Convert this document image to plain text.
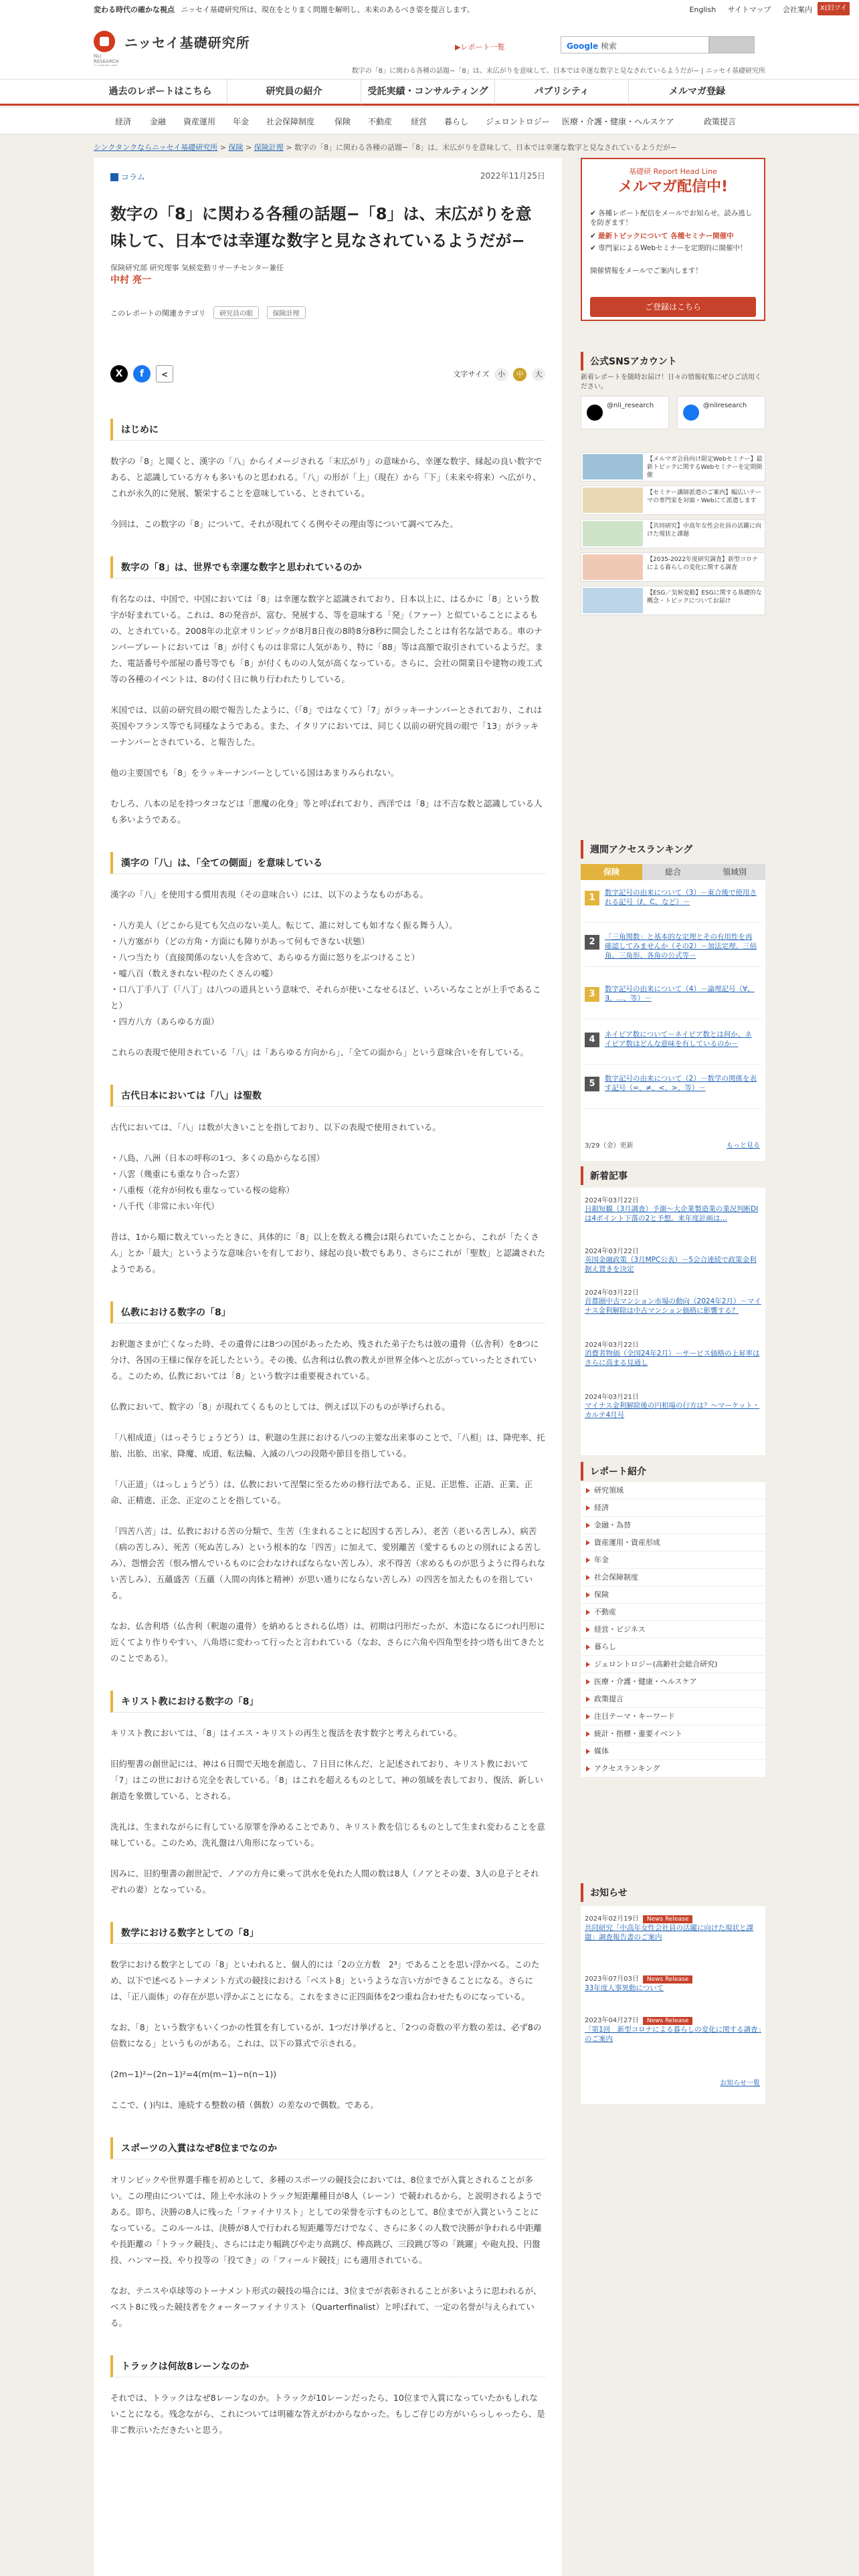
変わる時代の確かな視点 ニッセイ基礎研究所は、現在をとりまく問題を解明し、未来のあるべき姿を提言します。	English サイトマップ 会社案内	X(旧ツイ
NLI RESEARCH
ニッセイ基礎研究所	▶レポート一覧	Google 検索
数字の「8」に関わる各種の話題−「8」は、末広がりを意味して、日本では幸運な数字と見なされているようだが− | ニッセイ基礎研究所
過去のレポートはこちら	研究員の紹介	受託実績・コンサルティング	パブリシティ	メルマガ登録
経済 金融 資産運用 年金 社会保障制度 保険 不動産 経営 暮らし ジェロントロジー 医療・介護・健康・ヘルスケア	政策提言
シンクタンクならニッセイ基礎研究所 > 保険 > 保険計理 > 数字の「8」に関わる各種の話題−「8」は、末広がりを意味して、日本では幸運な数字と見なされているようだが−
コラム	2022年11月25日
数字の「8」に関わる各種の話題−「8」は、末広がりを意味して、日本では幸運な数字と見なされているようだが−
保険研究部 研究理事 気候変動リサーチセンター兼任
中村 亮一
このレポートの関連カテゴリ 研究員の眼	保険計理
X f <	文字サイズ 小 中 大
はじめに
数字の「8」と聞くと、漢字の「八」からイメージされる「末広がり」の意味から、幸運な数字、縁起の良い数字である、と認識している方々も多いものと思われる。「八」の形が「上」（現在）から「下」（未来や将来）へ広がり、これが永久的に発展、繁栄することを意味している、とされている。
今回は、この数字の「8」について、それが現れてくる例やその理由等について調べてみた。
数字の「8」は、世界でも幸運な数字と思われているのか
有名なのは、中国で、中国においては「8」は幸運な数字と認識されており、日本以上に、はるかに「8」という数字が好まれている。これは、8の発音が、富む、発展する、等を意味する「発」（ファー）と似ていることによるもの、とされている。2008年の北京オリンピックが8月8日夜の8時8分8秒に開会したことは有名な話である。車のナンバープレートにおいては「8」が付くものは非常に人気があり、特に「88」等は高額で取引されているようだ。また、電話番号や部屋の番号等でも「8」が付くものの人気が高くなっている。さらに、会社の開業日や建物の竣工式等の各種のイベントは、8の付く日に執り行われたりしている。
米国では、以前の研究員の眼で報告したように、（「8」ではなくて）「7」がラッキーナンバーとされており、これは英国やフランス等でも同様なようである。また、イタリアにおいては、同じく以前の研究員の眼で「13」がラッキーナンバーとされている、と報告した。
他の主要国でも「8」をラッキーナンバーとしている国はあまりみられない。
むしろ、八本の足を持つタコなどは「悪魔の化身」等と呼ばれており、西洋では「8」は不吉な数と認識している人も多いようである。
漢字の「八」は、「全ての側面」を意味している
漢字の「八」を使用する慣用表現（その意味合い）には、以下のようなものがある。
・八方美人（どこから見ても欠点のない美人。転じて、誰に対しても如才なく振る舞う人）。
・八方塞がり（どの方角・方面にも障りがあって何もできない状態）
・八つ当たり（直接関係のない人を含めて、あらゆる方面に怒りをぶつけること）
・嘘八百（数えきれない程のたくさんの嘘）
・口八丁手八丁（「八丁」は八つの道具という意味で、それらが使いこなせるほど、いろいろなことが上手であること）
・四方八方（あらゆる方面）
これらの表現で使用されている「八」は「あらゆる方向から」、「全ての面から」という意味合いを有している。
古代日本においては「八」は聖数
古代においては、「八」は数が大きいことを指しており、以下の表現で使用されている。
・八島、八洲（日本の呼称の1つ、多くの島からなる国）
・八雲（幾重にも重なり合った雲）
・八重桜（花弁が何枚も重なっている桜の総称）
・八千代（非常に永い年代）
昔は、1から順に数えていったときに、具体的に「8」以上を数える機会は限られていたことから、これが「たくさん」とか「最大」というような意味合いを有しており、縁起の良い数でもあり、さらにこれが「聖数」と認識されたようである。
仏教における数字の「8」
お釈迦さまが亡くなった時、その遺骨には8つの国があったため、残された弟子たちは彼の遺骨（仏舎利）を8つに分け、各国の王様に保存を託したという。その後、仏舎利は仏教の教えが世界全体へと広がっていったとされている。このため、仏教においては「8」という数字は重要視されている。
仏教において、数字の「8」が現れてくるものとしては、例えば以下のものが挙げられる。
「八相成道」（はっそうじょうどう）は、釈迦の生涯における八つの主要な出来事のことで、「八相」は、降兜率、托胎、出胎、出家、降魔、成道、転法輪、入滅の八つの段階や節目を指している。
「八正道」（はっしょうどう）は、仏教において涅槃に至るための修行法である、正見、正思惟、正語、正業、正命、正精進、正念、正定のことを指している。
「四苦八苦」は、仏教における苦の分類で、生苦（生まれることに起因する苦しみ）、老苦（老いる苦しみ）、病苦（病の苦しみ）、死苦（死ぬ苦しみ）という根本的な「四苦」に加えて、愛別離苦（愛するものとの別れによる苦しみ）、怨憎会苦（恨み憎んでいるものに会わなければならない苦しみ）、求不得苦（求めるものが思うように得られない苦しみ）、五蘊盛苦（五蘊（人間の肉体と精神）が思い通りにならない苦しみ）の四苦を加えたものを指している。
なお、仏舎利塔（仏舎利（釈迦の遺骨）を納めるとされる仏塔）は、初期は円形だったが、木造になるにつれ円形に近くてより作りやすい、八角塔に変わって行ったと言われている（なお、さらに六角や四角型を持つ塔も出てきたとのことである）。
キリスト教における数字の「8」
キリスト教においては、「8」はイエス・キリストの再生と復活を表す数字と考えられている。
旧約聖書の創世記には、神は６日間で天地を創造し、７日目に休んだ、と記述されており、キリスト教において「7」はこの世における完全を表している。「8」はこれを超えるものとして、神の領域を表しており、復活、新しい創造を象徴している、とされる。
洗礼は、生まれながらに有している原罪を浄めることであり、キリスト教を信じるものとして生まれ変わることを意味している。このため、洗礼盤は八角形になっている。
因みに、旧約聖書の創世記で、ノアの方舟に乗って洪水を免れた人間の数は8人（ノアとその妻、3人の息子とそれぞれの妻）となっている。
数学における数字としての「8」
数学における数字としての「8」といわれると、個人的には「2の立方数　2³」であることを思い浮かべる。このため、以下で述べるトーナメント方式の競技における「ベスト8」というような言い方ができることになる。さらには、「正八面体」の存在が思い浮かぶことになる。これをまさに正四面体を2つ重ね合わせたものになっている。
なお、「8」という数字もいくつかの性質を有しているが、1つだけ挙げると、「2つの奇数の平方数の差は、必ず8の倍数になる」というものがある。これは、以下の算式で示される。
(2m−1)²−(2n−1)²=4(m(m−1)−n(n−1))
ここで、( )内は、連続する整数の積（偶数）の差なので偶数。である。
スポーツの入賞はなぜ8位までなのか
オリンピックや世界選手権を初めとして、多種のスポーツの競技会においては、8位までが入賞とされることが多い。この理由については、陸上や水泳のトラック短距離種目が8人（レーン）で競われるから、と説明されるようである。即ち、決勝の8人に残った「ファイナリスト」としての栄誉を示すものとして、8位までが入賞ということになっている。このルールは、決勝が8人で行われる短距離等だけでなく、さらに多くの人数で決勝が争われる中距離や長距離の「トラック競技」、さらには走り幅跳びや走り高跳び、棒高跳び、三段跳び等の「跳躍」や砲丸投、円盤投、ハンマー投、やり投等の「投てき」の「フィールド競技」にも適用されている。
なお、テニスや卓球等のトーナメント形式の競技の場合には、3位までが表彰されることが多いように思われるが、ベスト8に残った競技者をクォーターファイナリスト（Quarterfinalist）と呼ばれて、一定の名誉が与えられている。
トラックは何故8レーンなのか
それでは、トラックはなぜ8レーンなのか。トラックが10レーンだったら、10位まで入賞になっていたかもしれないことになる。残念ながら、これについては明確な答えがわからなかった。もしご存じの方がいらっしゃったら、是非ご教示いただきたいと思う。
基礎研 Report Head Line
メルマガ配信中!
✔ 各種レポート配信をメールでお知らせ。読み逃しを防ぎます！
✔ 最新トピックについて 各種セミナー開催中
✔ 専門家によるWebセミナーを定期的に開催中！
開催情報をメールでご案内します！
ご登録はこちら
公式SNSアカウント
新着レポートを随時お届け！日々の情報収集にぜひご活用ください。
@nli_research	@nliresearch
【メルマガ会員向け限定Webセミナー】最新トピックに関するWebセミナーを定期開催
【セミナー講師派遣のご案内】幅広いテーマの専門家を対面・Webにて派遣します
【共同研究】中高年女性会社員の活躍に向けた現状と課題
【2035-2022年度研究調査】新型コロナによる暮らしの変化に関する調査
【ESG／気候変動】ESGに関する基礎的な概念・トピックについてお届け
週間アクセスランキング
保険	総合	領域別
1	数字記号の由来について（3）－東合後で使用される記号（ℓ、C、など）－
2	「三角関数」と基本的な定理とその有用性を再確認してみませんか（その2）－加法定理、三倍角、三角形、各角の公式等－
3	数字記号の由来について（4）－論理記号（∀、∃、…、等）－
4	ネイピア数について－ネイピア数とは何か、ネイピア数はどんな意味を有しているのか－
5	数字記号の由来について（2）－数学の関係を表す記号（=、≠、<、>、等）－
3/29（金）更新	もっと見る
新着記事
2024年03月22日
日銀短観（3月調査）予測～大企業製造業の業況判断DIは4ポイント下落の2と予想。来年度計画は…
2024年03月22日
英国金融政策（3月MPC公表）－5会合連続で政策金利据え置きを決定
2024年03月22日
首都圏中古マンション市場の動向（2024年2月）－マイナス金利解除は中古マンション価格に影響する？
2024年03月22日
消費者物価（全国24年2月）－サービス価格の上昇率はさらに高まる見通し
2024年03月21日
マイナス金利解除後の円相場の行方は？～マーケット・カルテ4月号
レポート紹介
研究領域
経済
金融・為替
資産運用・資産形成
年金
社会保障制度
保険
不動産
経営・ビジネス
暮らし
ジェロントロジー(高齢社会総合研究)
医療・介護・健康・ヘルスケア
政策提言
注目テーマ・キーワード
統計・指標・重要イベント
媒体
アクセスランキング
お知らせ
2024年02月19日 News Release
共同研究「中高年女性会社員の活躍に向けた現状と課題」調査報告書のご案内
2023年07月03日 News Release
33年度人事異動について
2023年04月27日 News Release
「第1回　新型コロナによる暮らしの変化に関する調査」のご案内
お知らせ一覧
